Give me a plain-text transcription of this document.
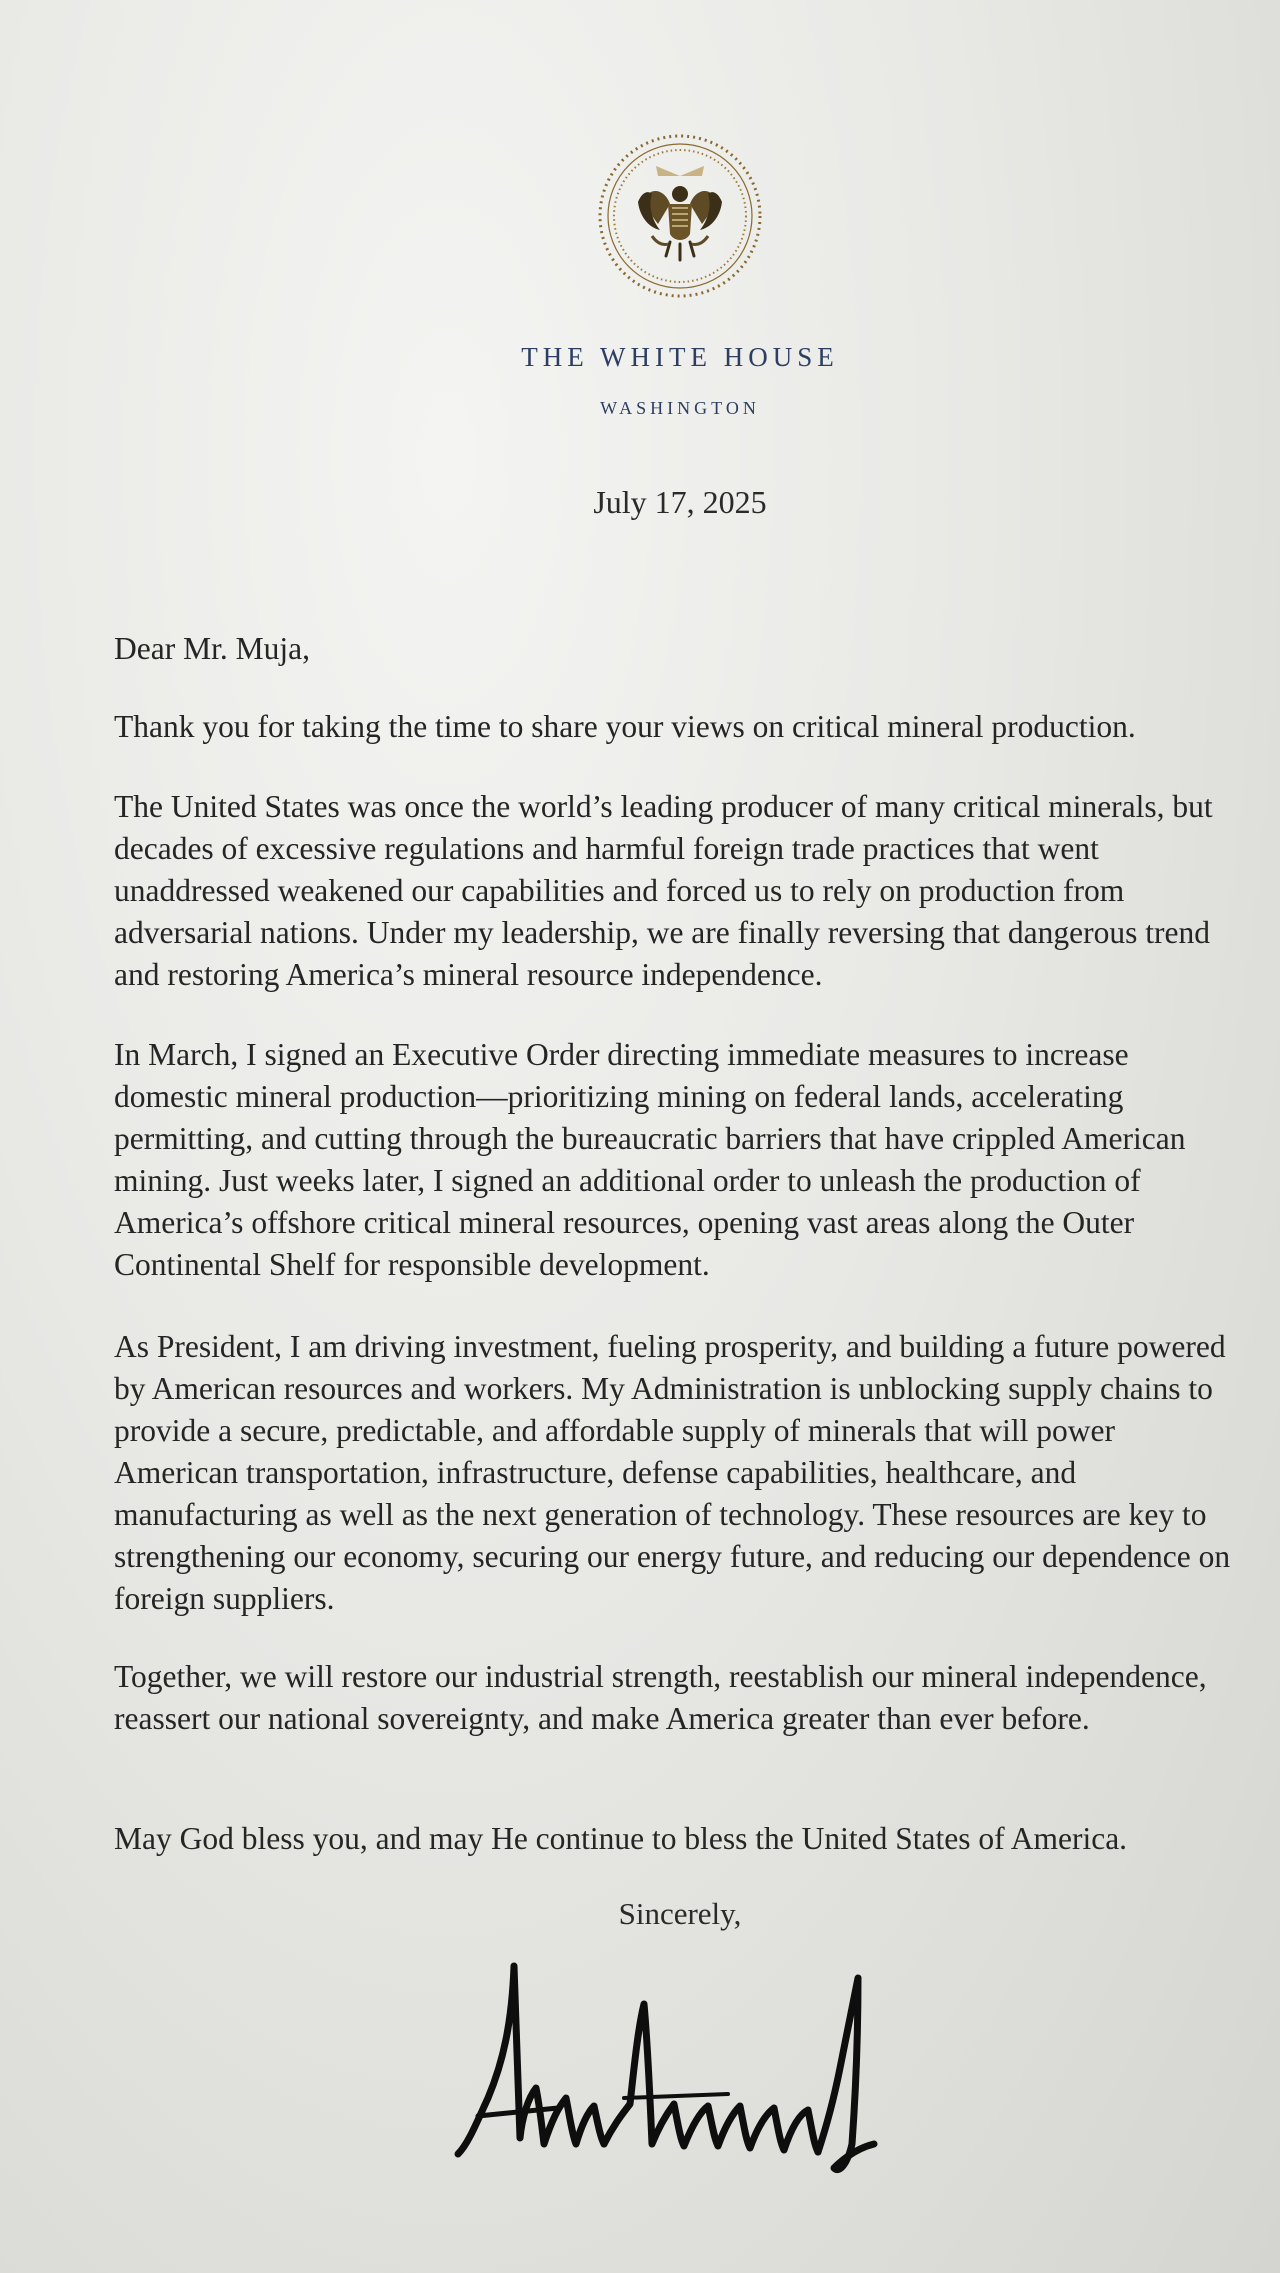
THE WHITE HOUSE
WASHINGTON
July 17, 2025

Dear Mr. Muja,

Thank you for taking the time to share your views on critical mineral production.

The United States was once the world’s leading producer of many critical minerals, but decades of excessive regulations and harmful foreign trade practices that went unaddressed weakened our capabilities and forced us to rely on production from adversarial nations. Under my leadership, we are finally reversing that dangerous trend and restoring America’s mineral resource independence.

In March, I signed an Executive Order directing immediate measures to increase domestic mineral production—prioritizing mining on federal lands, accelerating permitting, and cutting through the bureaucratic barriers that have crippled American mining. Just weeks later, I signed an additional order to unleash the production of America’s offshore critical mineral resources, opening vast areas along the Outer Continental Shelf for responsible development.

As President, I am driving investment, fueling prosperity, and building a future powered by American resources and workers. My Administration is unblocking supply chains to provide a secure, predictable, and affordable supply of minerals that will power American transportation, infrastructure, defense capabilities, healthcare, and manufacturing as well as the next generation of technology. These resources are key to strengthening our economy, securing our energy future, and reducing our dependence on foreign suppliers.

Together, we will restore our industrial strength, reestablish our mineral independence, reassert our national sovereignty, and make America greater than ever before.

May God bless you, and may He continue to bless the United States of America.

Sincerely,
